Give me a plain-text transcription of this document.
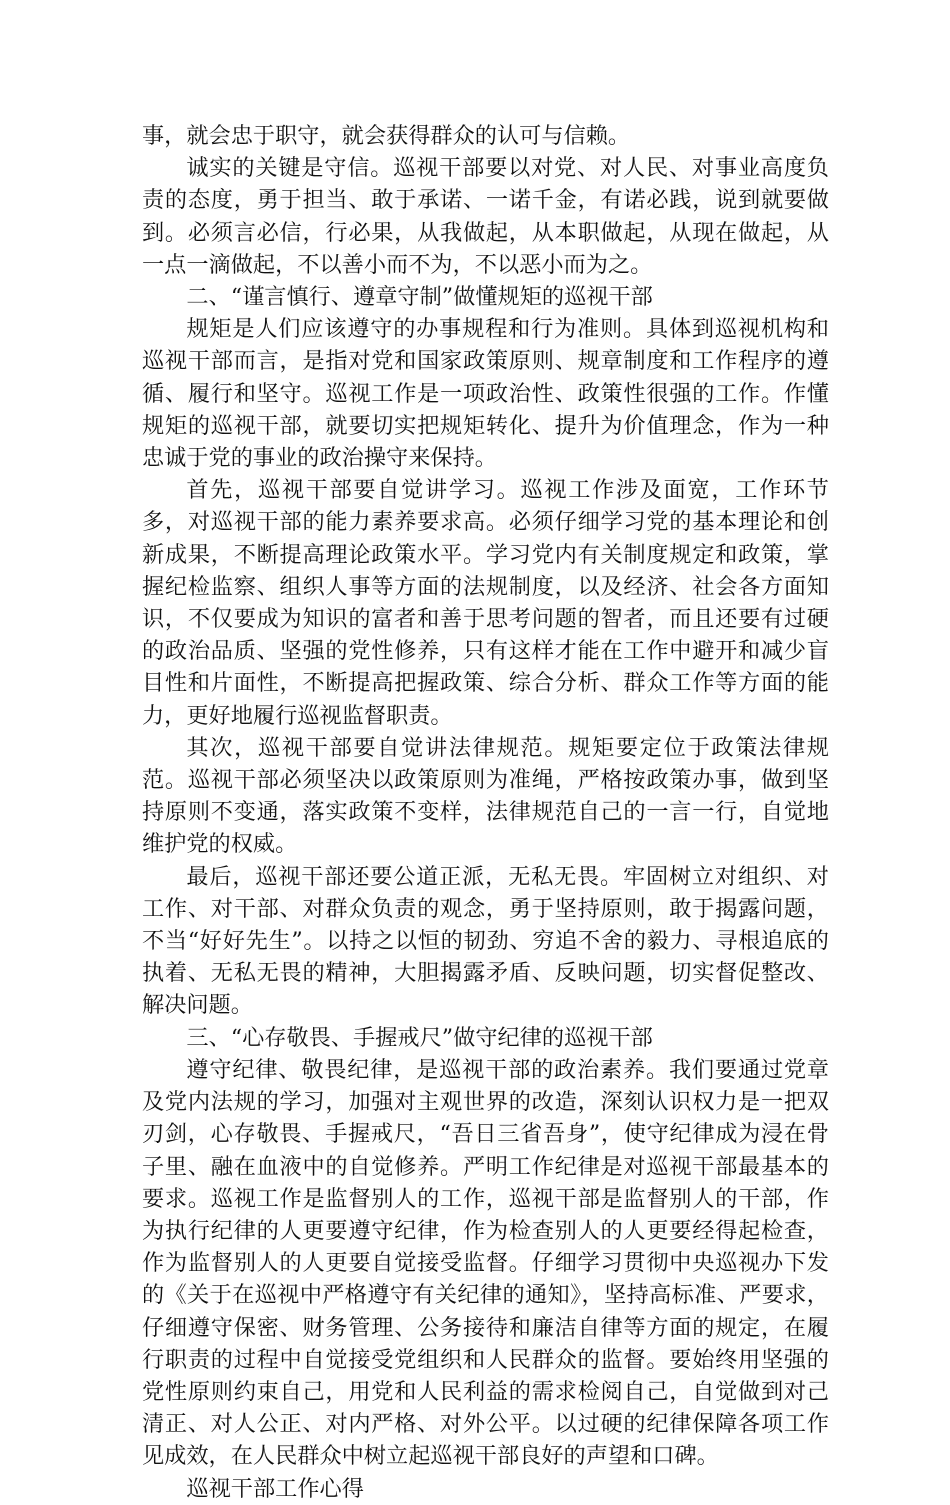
事，就会忠于职守，就会获得群众的认可与信赖。

诚实的关键是守信。巡视干部要以对党、对人民、对事业高度负责的态度，勇于担当、敢于承诺、一诺千金，有诺必践，说到就要做到。必须言必信，行必果，从我做起，从本职做起，从现在做起，从一点一滴做起，不以善小而不为，不以恶小而为之。

二、“谨言慎行、遵章守制”做懂规矩的巡视干部

规矩是人们应该遵守的办事规程和行为准则。具体到巡视机构和巡视干部而言，是指对党和国家政策原则、规章制度和工作程序的遵循、履行和坚守。巡视工作是一项政治性、政策性很强的工作。作懂规矩的巡视干部，就要切实把规矩转化、提升为价值理念，作为一种忠诚于党的事业的政治操守来保持。

首先，巡视干部要自觉讲学习。巡视工作涉及面宽，工作环节多，对巡视干部的能力素养要求高。必须仔细学习党的基本理论和创新成果，不断提高理论政策水平。学习党内有关制度规定和政策，掌握纪检监察、组织人事等方面的法规制度，以及经济、社会各方面知识，不仅要成为知识的富者和善于思考问题的智者，而且还要有过硬的政治品质、坚强的党性修养，只有这样才能在工作中避开和减少盲目性和片面性，不断提高把握政策、综合分析、群众工作等方面的能力，更好地履行巡视监督职责。

其次，巡视干部要自觉讲法律规范。规矩要定位于政策法律规范。巡视干部必须坚决以政策原则为准绳，严格按政策办事，做到坚持原则不变通，落实政策不变样，法律规范自己的一言一行，自觉地维护党的权威。

最后，巡视干部还要公道正派，无私无畏。牢固树立对组织、对工作、对干部、对群众负责的观念，勇于坚持原则，敢于揭露问题，不当“好好先生”。以持之以恒的韧劲、穷追不舍的毅力、寻根追底的执着、无私无畏的精神，大胆揭露矛盾、反映问题，切实督促整改、解决问题。

三、“心存敬畏、手握戒尺”做守纪律的巡视干部

遵守纪律、敬畏纪律，是巡视干部的政治素养。我们要通过党章及党内法规的学习，加强对主观世界的改造，深刻认识权力是一把双刃剑，心存敬畏、手握戒尺，“吾日三省吾身”，使守纪律成为浸在骨子里、融在血液中的自觉修养。严明工作纪律是对巡视干部最基本的要求。巡视工作是监督别人的工作，巡视干部是监督别人的干部，作为执行纪律的人更要遵守纪律，作为检查别人的人更要经得起检查，作为监督别人的人更要自觉接受监督。仔细学习贯彻中央巡视办下发的《关于在巡视中严格遵守有关纪律的通知》，坚持高标准、严要求，仔细遵守保密、财务管理、公务接待和廉洁自律等方面的规定，在履行职责的过程中自觉接受党组织和人民群众的监督。要始终用坚强的党性原则约束自己，用党和人民利益的需求检阅自己，自觉做到对己清正、对人公正、对内严格、对外公平。以过硬的纪律保障各项工作见成效，在人民群众中树立起巡视干部良好的声望和口碑。

巡视干部工作心得
